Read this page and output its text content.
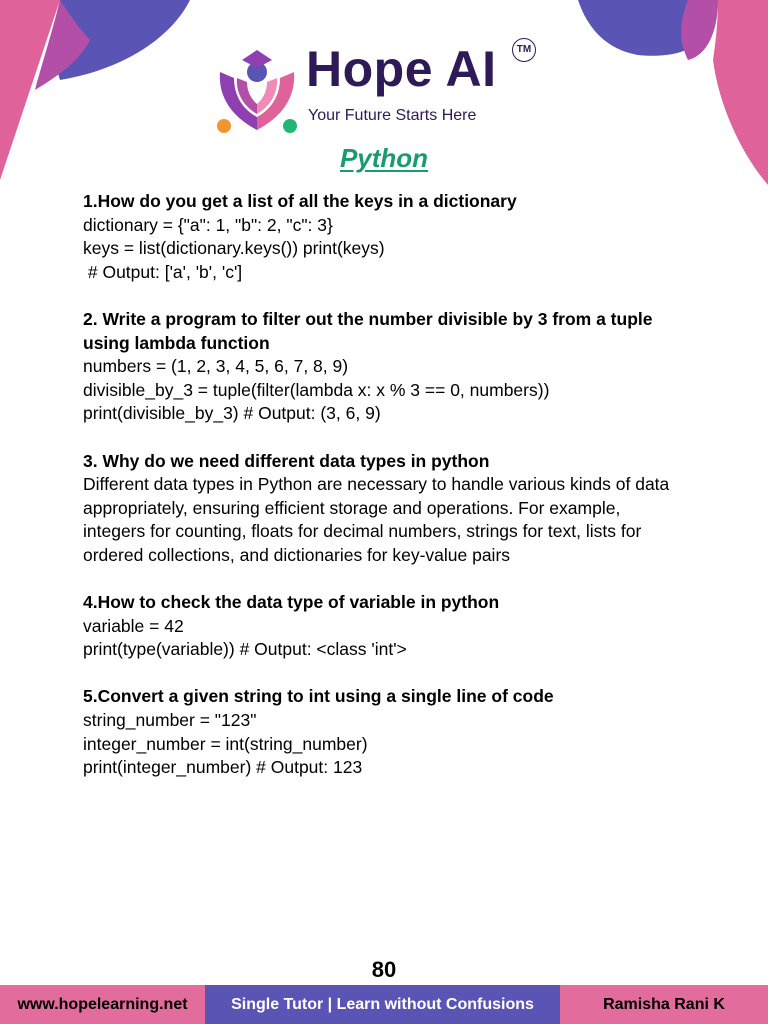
Hope AI
Your Future Starts Here
TM
Python
1.How do you get a list of all the keys in a dictionary
dictionary = {"a": 1, "b": 2, "c": 3}
keys = list(dictionary.keys()) print(keys)
# Output: ['a', 'b', 'c']
2. Write a program to filter out the number divisible by 3 from a tuple using lambda function
numbers = (1, 2, 3, 4, 5, 6, 7, 8, 9)
divisible_by_3 = tuple(filter(lambda x: x % 3 == 0, numbers))
print(divisible_by_3) # Output: (3, 6, 9)
3. Why do we need different data types in python
Different data types in Python are necessary to handle various kinds of data appropriately, ensuring efficient storage and operations. For example, integers for counting, floats for decimal numbers, strings for text, lists for ordered collections, and dictionaries for key-value pairs
4.How to check the data type of variable in python
variable = 42
print(type(variable)) # Output: <class 'int'>
5.Convert a given string to int using a single line of code
string_number = "123"
integer_number = int(string_number)
print(integer_number) # Output: 123
80
www.hopelearning.net	Single Tutor | Learn without Confusions	Ramisha Rani K
